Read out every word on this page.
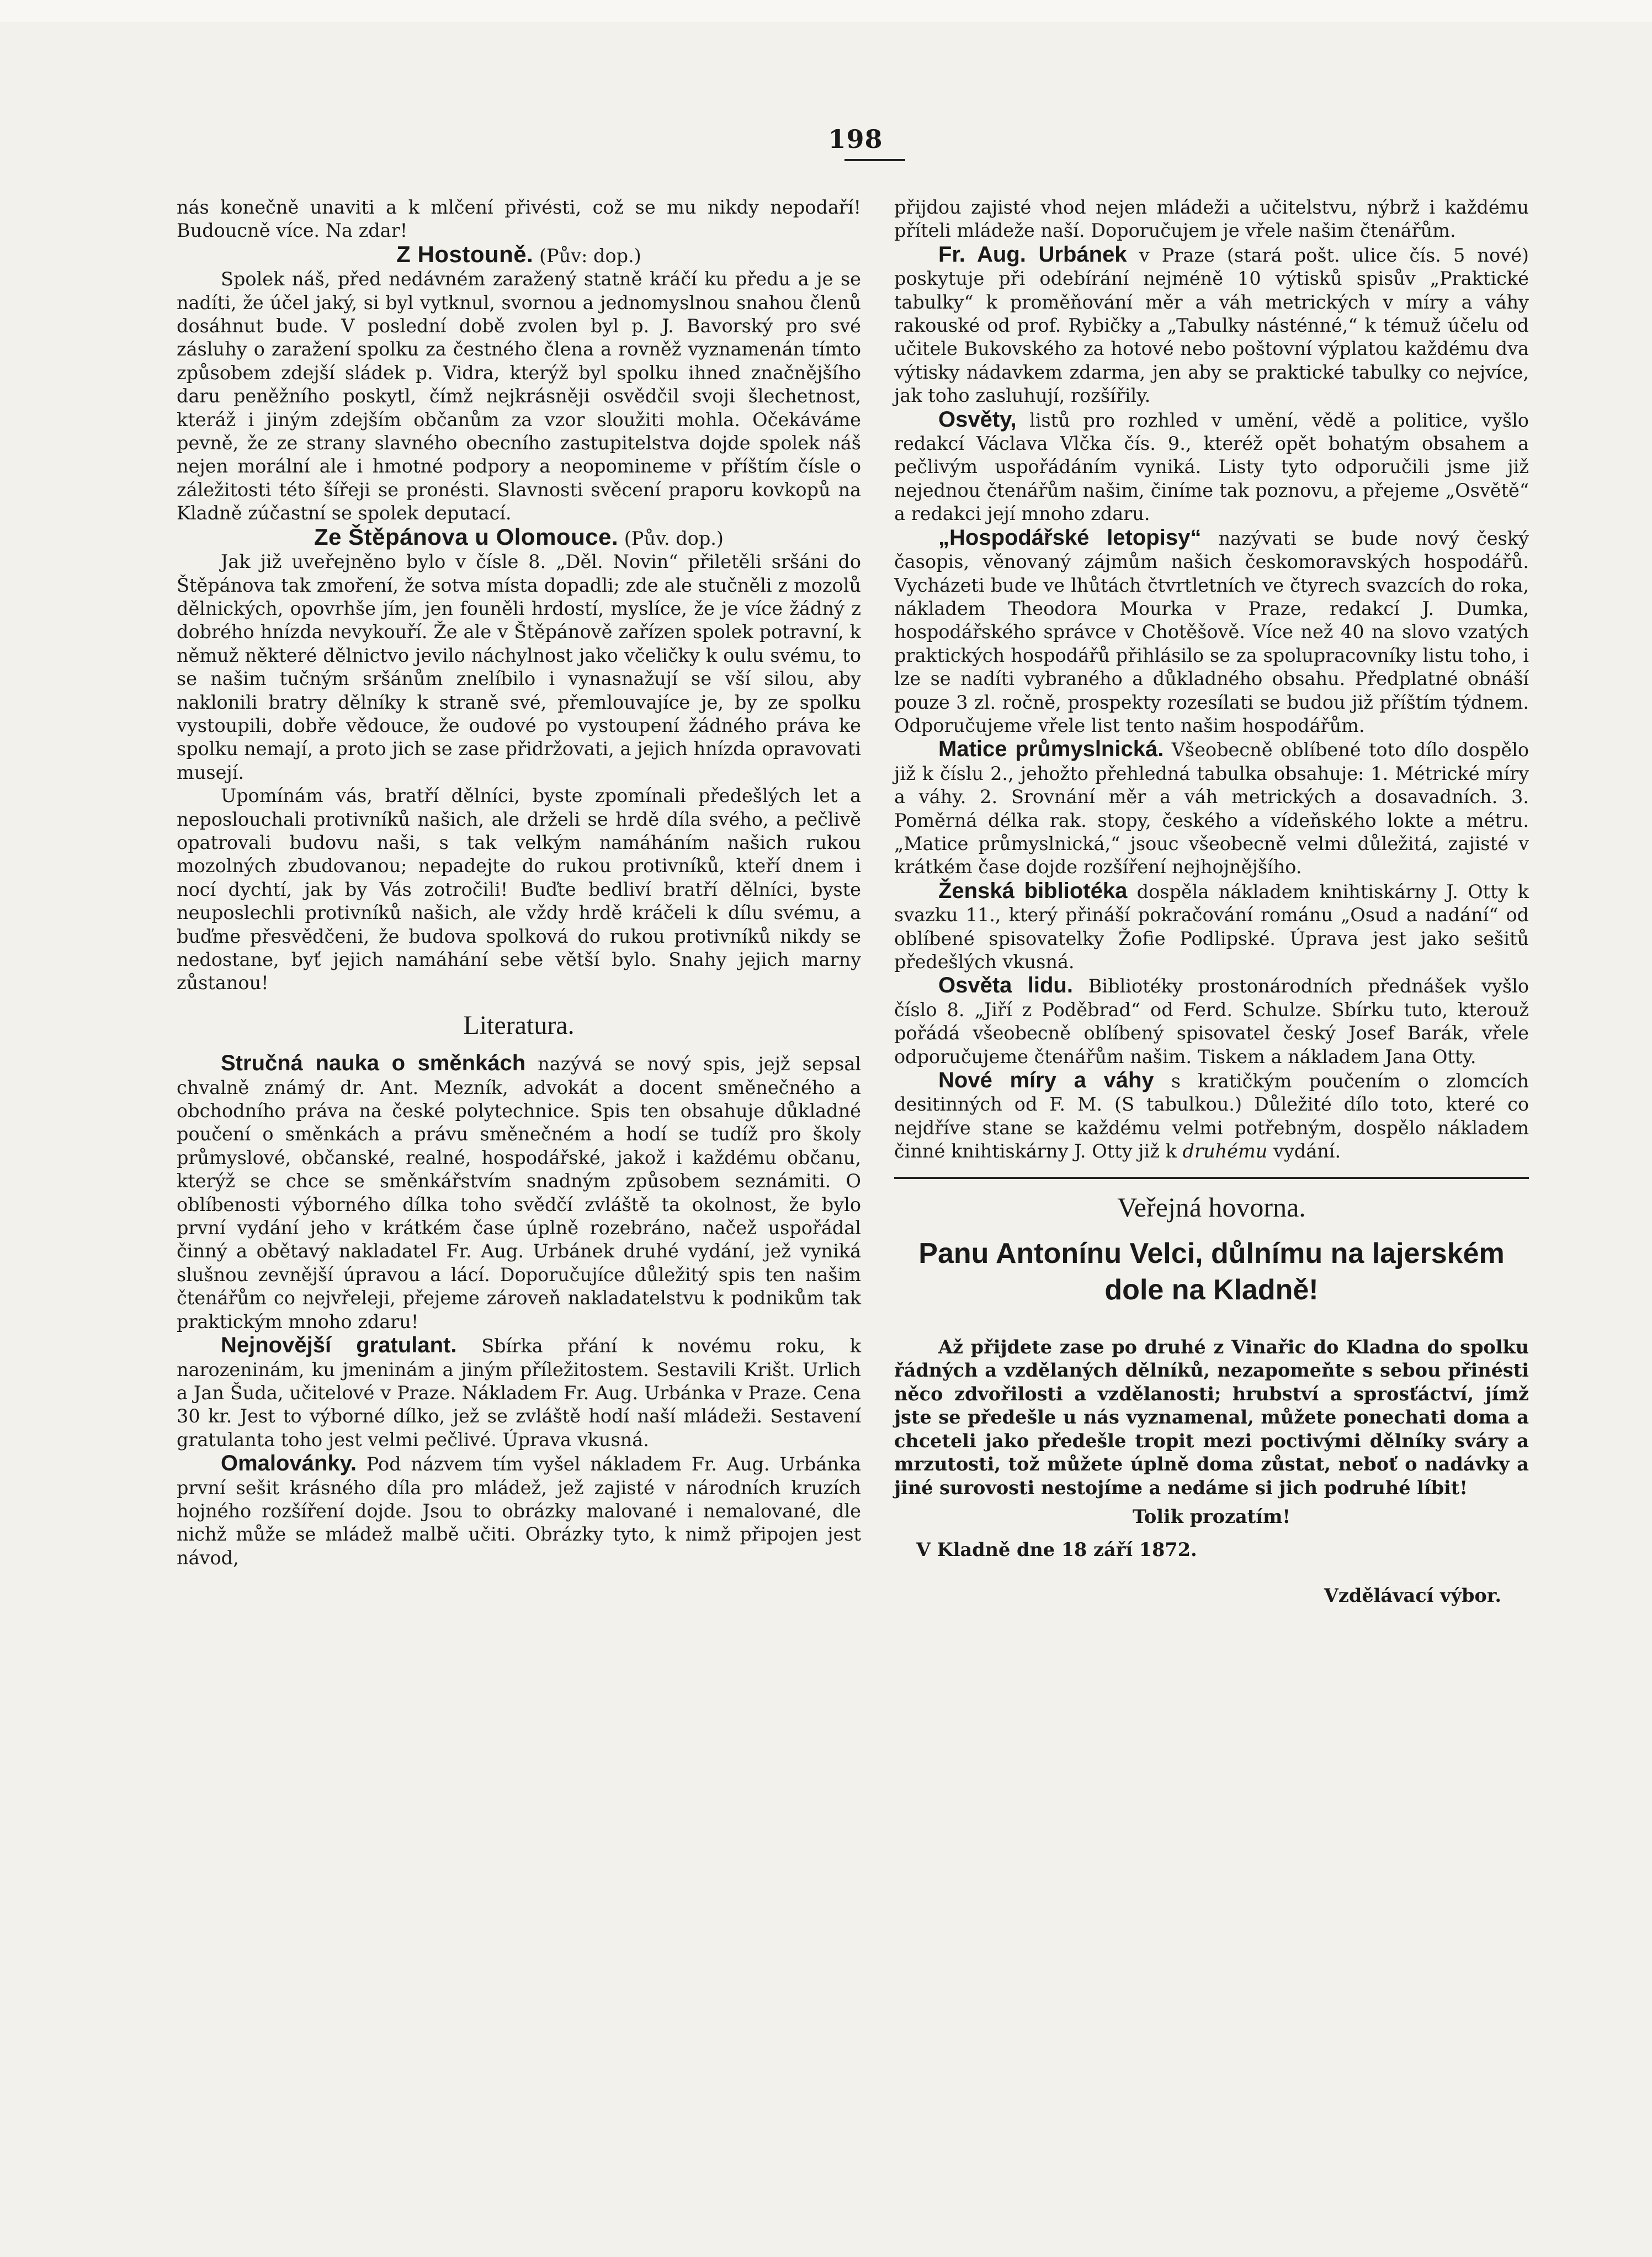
198

nás konečně unaviti a k mlčení přivésti, což se mu nikdy nepodaří! Budoucně více. Na zdar!

Z Hostouně. (Pův: dop.)

Spolek náš, před nedávném zaražený statně kráčí ku předu a je se nadíti, že účel jaký, si byl vytknul, svornou a jednomyslnou snahou členů dosáhnut bude. V poslední době zvolen byl p. J. Bavorský pro své zásluhy o zaražení spolku za čestného člena a rovněž vyznamenán tímto způsobem zdejší sládek p. Vidra, kterýž byl spolku ihned značnějšího daru peněžního poskytl, čímž nejkrásněji osvědčil svoji šlechetnost, kteráž i jiným zdejším občanům za vzor sloužiti mohla. Očekáváme pevně, že ze strany slavného obecního zastupitelstva dojde spolek náš nejen morální ale i hmotné podpory a neopomineme v příštím čísle o záležitosti této šířeji se pronésti. Slavnosti svěcení praporu kovkopů na Kladně zúčastní se spolek deputací.

Ze Štěpánova u Olomouce. (Pův. dop.)

Jak již uveřejněno bylo v čísle 8. „Děl. Novin“ přiletěli sršáni do Štěpánova tak zmoření, že sotva místa dopadli; zde ale stučněli z mozolů dělnických, opovrhše jím, jen founěli hrdostí, myslíce, že je více žádný z dobrého hnízda nevykouří. Že ale v Štěpánově zařízen spolek potravní, k němuž některé dělnictvo jevilo náchylnost jako včeličky k oulu svému, to se našim tučným sršánům znelíbilo i vynasnažují se vší silou, aby naklonili bratry dělníky k straně své, přemlouvajíce je, by ze spolku vystoupili, dobře vědouce, že oudové po vystoupení žádného práva ke spolku nemají, a proto jich se zase přidržovati, a jejich hnízda opravovati musejí.

Upomínám vás, bratří dělníci, byste zpomínali předešlých let a neposlouchali protivníků našich, ale drželi se hrdě díla svého, a pečlivě opatrovali budovu naši, s tak velkým namáháním našich rukou mozolných zbudovanou; nepadejte do rukou protivníků, kteří dnem i nocí dychtí, jak by Vás zotročili! Buďte bedliví bratří dělníci, byste neuposlechli protivníků našich, ale vždy hrdě kráčeli k dílu svému, a buďme přesvědčeni, že budova spolková do rukou protivníků nikdy se nedostane, byť jejich namáhání sebe větší bylo. Snahy jejich marny zůstanou!

Literatura.

Stručná nauka o směnkách nazývá se nový spis, jejž sepsal chvalně známý dr. Ant. Mezník, advokát a docent směnečného a obchodního práva na české polytechnice. Spis ten obsahuje důkladné poučení o směnkách a právu směnečném a hodí se tudíž pro školy průmyslové, občanské, realné, hospodářské, jakož i každému občanu, kterýž se chce se směnkářstvím snadným způsobem seznámiti. O oblíbenosti výborného dílka toho svědčí zvláště ta okolnost, že bylo první vydání jeho v krátkém čase úplně rozebráno, načež uspořádal činný a obětavý nakladatel Fr. Aug. Urbánek druhé vydání, jež vyniká slušnou zevnější úpravou a lácí. Doporučujíce důležitý spis ten našim čtenářům co nejvřeleji, přejeme zároveň nakladatelstvu k podnikům tak praktickým mnoho zdaru!

Nejnovější gratulant. Sbírka přání k novému roku, k narozeninám, ku jmeninám a jiným příležitostem. Sestavili Krišt. Urlich a Jan Šuda, učitelové v Praze. Nákladem Fr. Aug. Urbánka v Praze. Cena 30 kr. Jest to výborné dílko, jež se zvláště hodí naší mládeži. Sestavení gratulanta toho jest velmi pečlivé. Úprava vkusná.

Omalovánky. Pod názvem tím vyšel nákladem Fr. Aug. Urbánka první sešit krásného díla pro mládež, jež zajisté v národních kruzích hojného rozšíření dojde. Jsou to obrázky malované i nemalované, dle nichž může se mládež malbě učiti. Obrázky tyto, k nimž připojen jest návod,

přijdou zajisté vhod nejen mládeži a učitelstvu, nýbrž i každému příteli mládeže naší. Doporučujem je vřele našim čtenářům.

Fr. Aug. Urbánek v Praze (stará pošt. ulice čís. 5 nové) poskytuje při odebírání nejméně 10 výtisků spisův „Praktické tabulky“ k proměňování měr a váh metrických v míry a váhy rakouské od prof. Rybičky a „Tabulky násténné,“ k témuž účelu od učitele Bukovského za hotové nebo poštovní výplatou každému dva výtisky nádavkem zdarma, jen aby se praktické tabulky co nejvíce, jak toho zasluhují, rozšířily.

Osvěty, listů pro rozhled v umění, vědě a politice, vyšlo redakcí Václava Vlčka čís. 9., kteréž opět bohatým obsahem a pečlivým uspořádáním vyniká. Listy tyto odporučili jsme již nejednou čtenářům našim, činíme tak poznovu, a přejeme „Osvětě“ a redakci její mnoho zdaru.

„Hospodářské letopisy“ nazývati se bude nový český časopis, věnovaný zájmům našich českomoravských hospodářů. Vycházeti bude ve lhůtách čtvrtletních ve čtyrech svazcích do roka, nákladem Theodora Mourka v Praze, redakcí J. Dumka, hospodářského správce v Chotěšově. Více než 40 na slovo vzatých praktických hospodářů přihlásilo se za spolupracovníky listu toho, i lze se nadíti vybraného a důkladného obsahu. Předplatné obnáší pouze 3 zl. ročně, prospekty rozesílati se budou již příštím týdnem. Odporučujeme vřele list tento našim hospodářům.

Matice průmyslnická. Všeobecně oblíbené toto dílo dospělo již k číslu 2., jehožto přehledná tabulka obsahuje: 1. Métrické míry a váhy. 2. Srovnání měr a váh metrických a dosavadních. 3. Poměrná délka rak. stopy, českého a vídeňského lokte a métru. „Matice průmyslnická,“ jsouc všeobecně velmi důležitá, zajisté v krátkém čase dojde rozšíření nejhojnějšího.

Ženská bibliotéka dospěla nákladem knihtiskárny J. Otty k svazku 11., který přináší pokračování románu „Osud a nadání“ od oblíbené spisovatelky Žofie Podlipské. Úprava jest jako sešitů předešlých vkusná.

Osvěta lidu. Bibliotéky prostonárodních přednášek vyšlo číslo 8. „Jiří z Poděbrad“ od Ferd. Schulze. Sbírku tuto, kterouž pořádá všeobecně oblíbený spisovatel český Josef Barák, vřele odporučujeme čtenářům našim. Tiskem a nákladem Jana Otty.

Nové míry a váhy s kratičkým poučením o zlomcích desitinných od F. M. (S tabulkou.) Důležité dílo toto, které co nejdříve stane se každému velmi potřebným, dospělo nákladem činné knihtiskárny J. Otty již k druhému vydání.

Veřejná hovorna.
Panu Antonínu Velci, důlnímu na lajerském dole na Kladně!

Až přijdete zase po druhé z Vinařic do Kladna do spolku řádných a vzdělaných dělníků, nezapomeňte s sebou přinésti něco zdvořilosti a vzdělanosti; hrubství a sprosťáctví, jímž jste se předešle u nás vyznamenal, můžete ponechati doma a chceteli jako předešle tropit mezi poctivými dělníky sváry a mrzutosti, tož můžete úplně doma zůstat, neboť o nadávky a jiné surovosti nestojíme a nedáme si jich podruhé líbit!

Tolik prozatím!
V Kladně dne 18 září 1872.
Vzdělávací výbor.
